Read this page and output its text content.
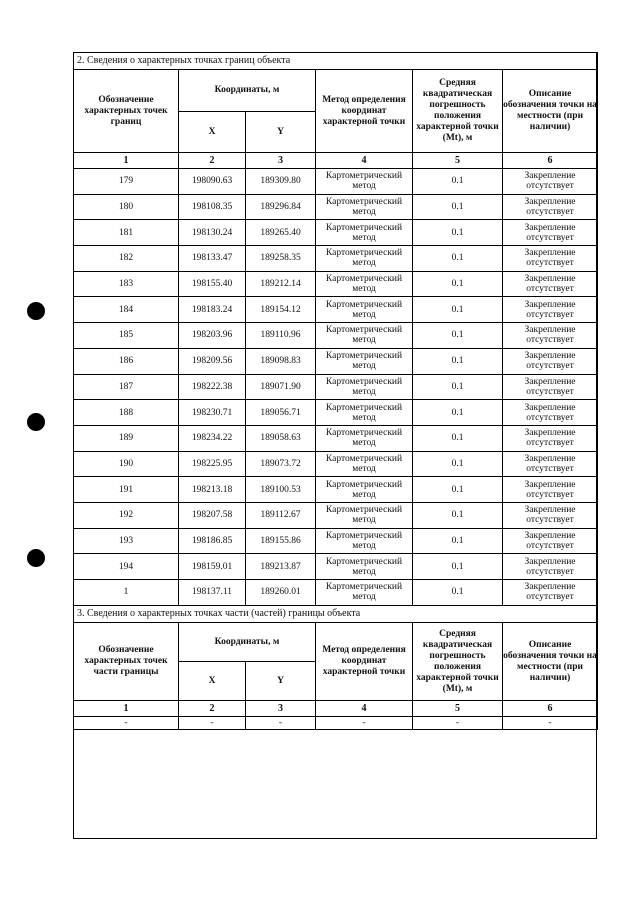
2. Сведения о характерных точках границ объекта					
Обозначение характерных точек границ	Координаты, м		Метод определения координат характерной точки	Средняя квадратическая погрешность положения характерной точки (Mt), м	Описание обозначения точки на местности (при наличии)
	X	Y			
1	2	3	4	5	6
179	198090.63	189309.80	Картометрический метод	0.1	Закрепление отсутствует
180	198108.35	189296.84	Картометрический метод	0.1	Закрепление отсутствует
181	198130.24	189265.40	Картометрический метод	0.1	Закрепление отсутствует
182	198133.47	189258.35	Картометрический метод	0.1	Закрепление отсутствует
183	198155.40	189212.14	Картометрический метод	0.1	Закрепление отсутствует
184	198183.24	189154.12	Картометрический метод	0.1	Закрепление отсутствует
185	198203.96	189110.96	Картометрический метод	0.1	Закрепление отсутствует
186	198209.56	189098.83	Картометрический метод	0.1	Закрепление отсутствует
187	198222.38	189071.90	Картометрический метод	0.1	Закрепление отсутствует
188	198230.71	189056.71	Картометрический метод	0.1	Закрепление отсутствует
189	198234.22	189058.63	Картометрический метод	0.1	Закрепление отсутствует
190	198225.95	189073.72	Картометрический метод	0.1	Закрепление отсутствует
191	198213.18	189100.53	Картометрический метод	0.1	Закрепление отсутствует
192	198207.58	189112.67	Картометрический метод	0.1	Закрепление отсутствует
193	198186.85	189155.86	Картометрический метод	0.1	Закрепление отсутствует
194	198159.01	189213.87	Картометрический метод	0.1	Закрепление отсутствует
1	198137.11	189260.01	Картометрический метод	0.1	Закрепление отсутствует
3. Сведения о характерных точках части (частей) границы объекта					
Обозначение характерных точек части границы	Координаты, м		Метод определения координат характерной точки	Средняя квадратическая погрешность положения характерной точки (Mt), м	Описание обозначения точки на местности (при наличии)
	X	Y			
1	2	3	4	5	6
-	-	-	-	-	-
